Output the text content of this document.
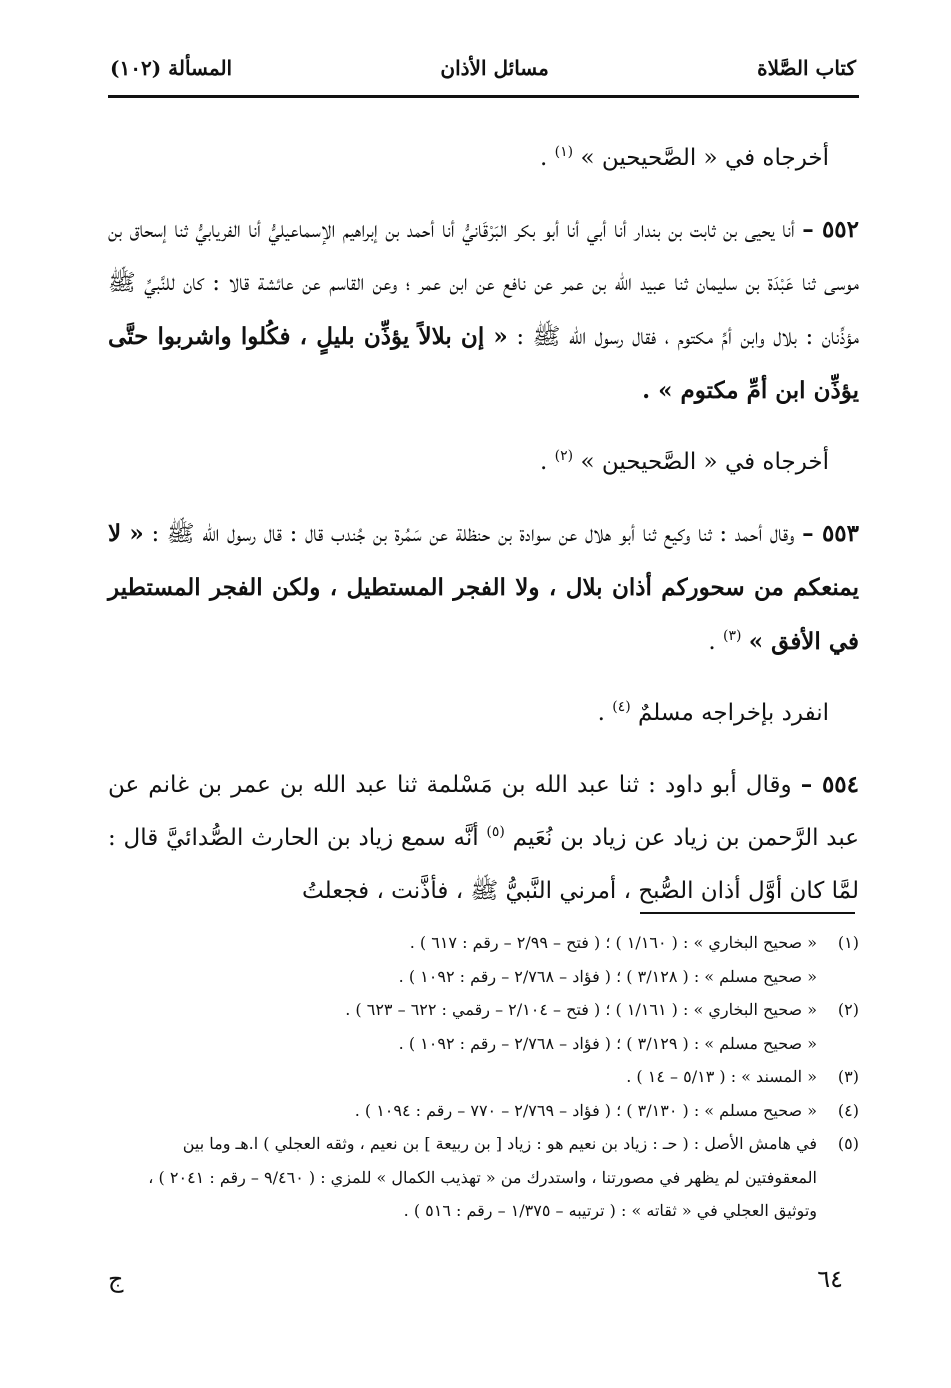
كتاب الصَّلاة
مسائل الأذان
المسألة (١٠٢)

أخرجاه في « الصَّحيحين » $^{(١)}$ .

٥٥٢ – أنا يحيى بن ثابت بن بندار أنا أبي أنا أبو بكر البَرْقَانيُّ أنا أحمد بن إبراهيم الإسماعيليُّ أنا الفريابيُّ ثنا إسحاق بن موسى ثنا عَبْدَة بن سليمان ثنا عبيد الله بن عمر عن نافع عن ابن عمر ؛ وعن القاسم عن عائشة قالا : كان للنَّبيِّ ﷺ مؤذِّنان : بلال وابن أمِّ مكتوم ، فقال رسول الله ﷺ : « إن بلالاً يؤذِّن بليلٍ ، فكُلوا واشربوا حتَّى يؤذِّن ابن أمِّ مكتوم » .

أخرجاه في « الصَّحيحين » $^{(٢)}$ .

٥٥٣ – وقال أحمد : ثنا وكيع ثنا أبو هلال عن سوادة بن حنظلة عن سَمُرة بن جُندب قال : قال رسول الله ﷺ : « لا يمنعكم من سحوركم أذان بلال ، ولا الفجر المستطيل ، ولكن الفجر المستطير في الأفق » $^{(٣)}$ .

انفرد بإخراجه مسلمٌ $^{(٤)}$ .

٥٥٤ – وقال أبو داود : ثنا عبد الله بن مَسْلمة ثنا عبد الله بن عمر بن غانم عن عبد الرَّحمن بن زياد عن زياد بن نُعَيم $^{(٥)}$ أنَّه سمع زياد بن الحارث الصُّدائيَّ قال : لمَّا كان أوَّل أذان الصُّبح ، أمرني النَّبيُّ ﷺ ، فأذَّنت ، فجعلتُ

(١)
« صحيح البخاري » : ( ١/١٦٠ ) ؛ ( فتح – ٢/٩٩ – رقم : ٦١٧ ) .
« صحيح مسلم » : ( ٣/١٢٨ ) ؛ ( فؤاد – ٢/٧٦٨ – رقم : ١٠٩٢ ) .
(٢)
« صحيح البخاري » : ( ١/١٦١ ) ؛ ( فتح – ٢/١٠٤ – رقمي : ٦٢٢ – ٦٢٣ ) .
« صحيح مسلم » : ( ٣/١٢٩ ) ؛ ( فؤاد – ٢/٧٦٨ – رقم : ١٠٩٢ ) .
(٣)
« المسند » : ( ٥/١٣ – ١٤ ) .
(٤)
« صحيح مسلم » : ( ٣/١٣٠ ) ؛ ( فؤاد – ٢/٧٦٩ – ٧٧٠ – رقم : ١٠٩٤ ) .
(٥)
في هامش الأصل : ( حـ : زياد بن نعيم هو : زياد [ بن ربيعة ] بن نعيم ، وثقه العجلي ) ا.هـ وما بين المعقوفتين لم يظهر في مصورتنا ، واستدرك من « تهذيب الكمال » للمزي : ( ٩/٤٦٠ – رقم : ٢٠٤١ ) ، وتوثيق العجلي في « ثقاته » : ( ترتيبه – ١/٣٧٥ – رقم : ٥١٦ ) .
٦٤
ج
